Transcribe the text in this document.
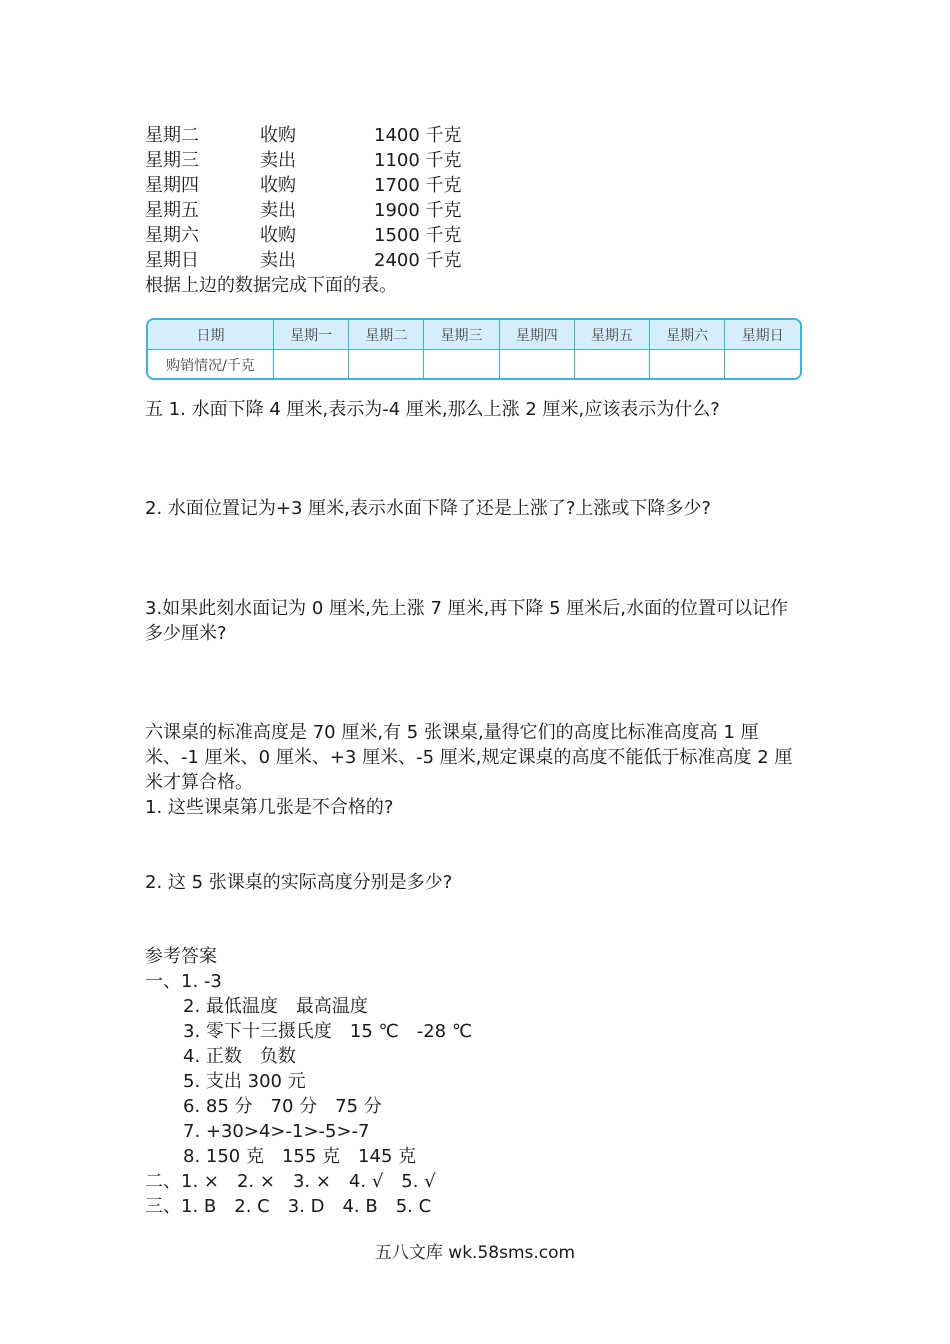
星期二	收购	1400 千克
星期三	卖出	1100 千克
星期四	收购	1700 千克
星期五	卖出	1900 千克
星期六	收购	1500 千克
星期日	卖出	2400 千克
根据上边的数据完成下面的表。
日期	星期一	星期二	星期三	星期四	星期五	星期六	星期日
购销情况/千克							
五 1. 水面下降 4 厘米,表示为-4 厘米,那么上涨 2 厘米,应该表示为什么?
2. 水面位置记为+3 厘米,表示水面下降了还是上涨了?上涨或下降多少?
3.如果此刻水面记为 0 厘米,先上涨 7 厘米,再下降 5 厘米后,水面的位置可以记作多少厘米?
六课桌的标准高度是 70 厘米,有 5 张课桌,量得它们的高度比标准高度高 1 厘米、-1 厘米、0 厘米、+3 厘米、-5 厘米,规定课桌的高度不能低于标准高度 2 厘米才算合格。
1. 这些课桌第几张是不合格的?
2. 这 5 张课桌的实际高度分别是多少?
参考答案
一、1. -3
2. 最低温度　最高温度
3. 零下十三摄氏度　15 ℃　-28 ℃
4. 正数　负数
5. 支出 300 元
6. 85 分　70 分　75 分
7. +30>4>-1>-5>-7
8. 150 克　155 克　145 克
二、1. ×　2. ×　3. ×　4. √　5. √
三、1. B　2. C　3. D　4. B　5. C
五八文库 wk.58sms.com
